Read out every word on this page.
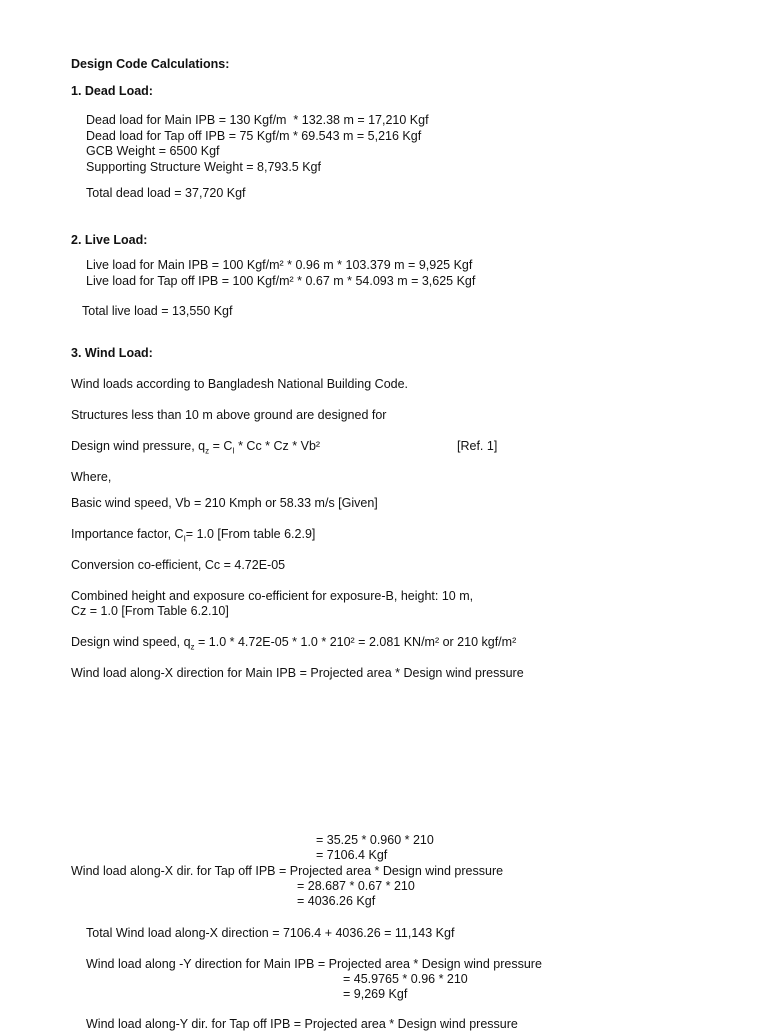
Design Code Calculations:
1. Dead Load:
Dead load for Main IPB = 130 Kgf/m  * 132.38 m = 17,210 Kgf
Dead load for Tap off IPB = 75 Kgf/m * 69.543 m = 5,216 Kgf
GCB Weight = 6500 Kgf
Supporting Structure Weight = 8,793.5 Kgf
Total dead load = 37,720 Kgf
2. Live Load:
Live load for Main IPB = 100 Kgf/m² * 0.96 m * 103.379 m = 9,925 Kgf
Live load for Tap off IPB = 100 Kgf/m² * 0.67 m * 54.093 m = 3,625 Kgf
Total live load = 13,550 Kgf
3. Wind Load:
Wind loads according to Bangladesh National Building Code.
Structures less than 10 m above ground are designed for
Design wind pressure, $q_z = C_I * Cc * Cz * Vb^2$	[Ref. 1]
Where,
Basic wind speed, Vb = 210 Kmph or 58.33 m/s [Given]
Importance factor, $C_I= 1.0$ [From table 6.2.9]
Conversion co-efficient, Cc = 4.72E-05
Combined height and exposure co-efficient for exposure-B, height: 10 m,
Cz = 1.0 [From Table 6.2.10]
Design wind speed, $q_z = 1.0 * 4.72E-05 * 1.0 * 210^2 = 2.081$ KN/m² or 210 kgf/m²
Wind load along-X direction for Main IPB = Projected area * Design wind pressure
= 35.25 * 0.960 * 210
= 7106.4 Kgf
Wind load along-X dir. for Tap off IPB = Projected area * Design wind pressure
= 28.687 * 0.67 * 210
= 4036.26 Kgf
Total Wind load along-X direction = 7106.4 + 4036.26 = 11,143 Kgf
Wind load along -Y direction for Main IPB = Projected area * Design wind pressure
= 45.9765 * 0.96 * 210
= 9,269 Kgf
Wind load along-Y dir. for Tap off IPB = Projected area * Design wind pressure
